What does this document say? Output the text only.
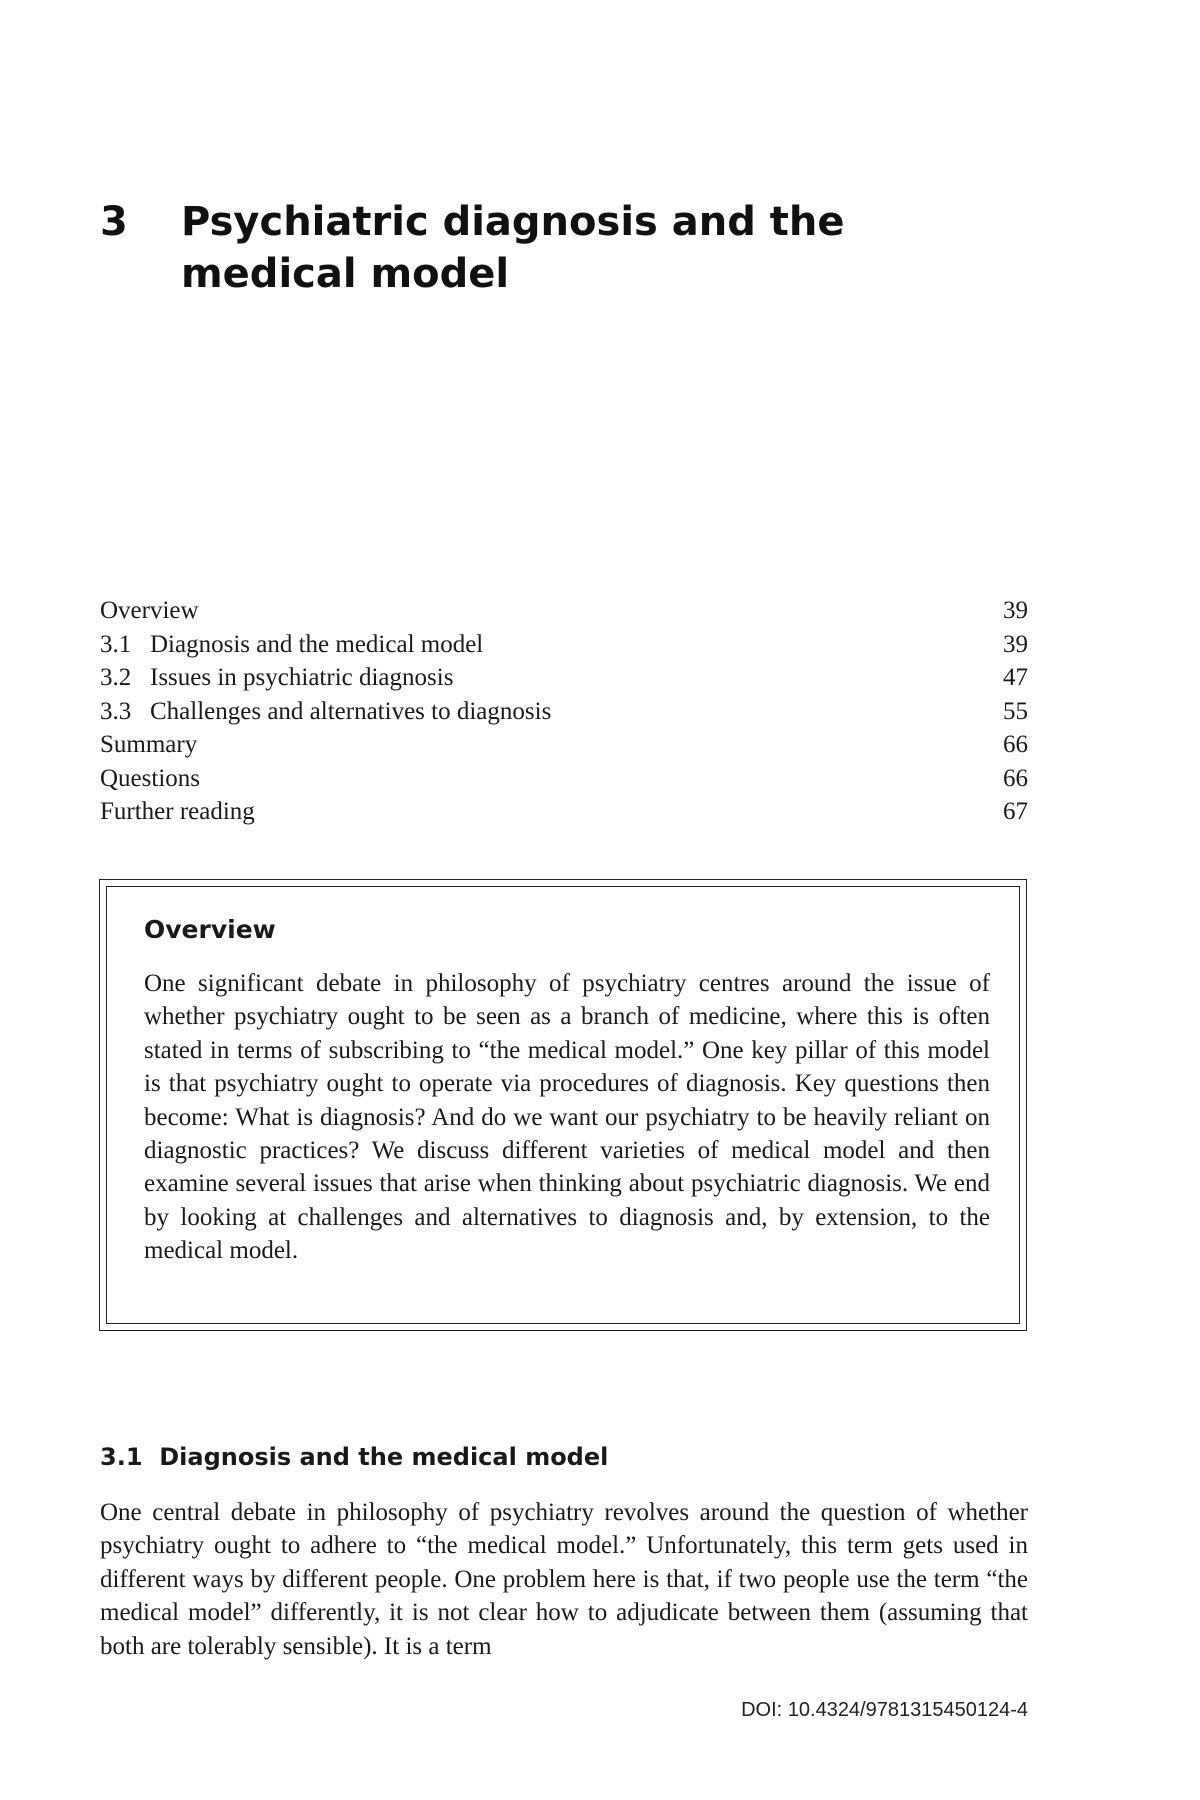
3 Psychiatric diagnosis and the medical model
Overview	39
3.1 Diagnosis and the medical model	39
3.2 Issues in psychiatric diagnosis	47
3.3 Challenges and alternatives to diagnosis	55
Summary	66
Questions	66
Further reading	67
Overview
One significant debate in philosophy of psychiatry centres around the issue of whether psychiatry ought to be seen as a branch of medicine, where this is often stated in terms of subscribing to “the medical model.” One key pillar of this model is that psychiatry ought to operate via procedures of diagnosis. Key questions then become: What is diagnosis? And do we want our psychiatry to be heavily reliant on diagnostic practices? We discuss different varieties of medical model and then examine several issues that arise when thinking about psychiatric diagnosis. We end by looking at challenges and alternatives to diagnosis and, by extension, to the medical model.
3.1 Diagnosis and the medical model
One central debate in philosophy of psychiatry revolves around the question of whether psychiatry ought to adhere to “the medical model.” Unfortunately, this term gets used in different ways by different people. One problem here is that, if two people use the term “the medical model” differently, it is not clear how to adjudicate between them (assuming that both are tolerably sensible). It is a term
DOI: 10.4324/9781315450124-4
